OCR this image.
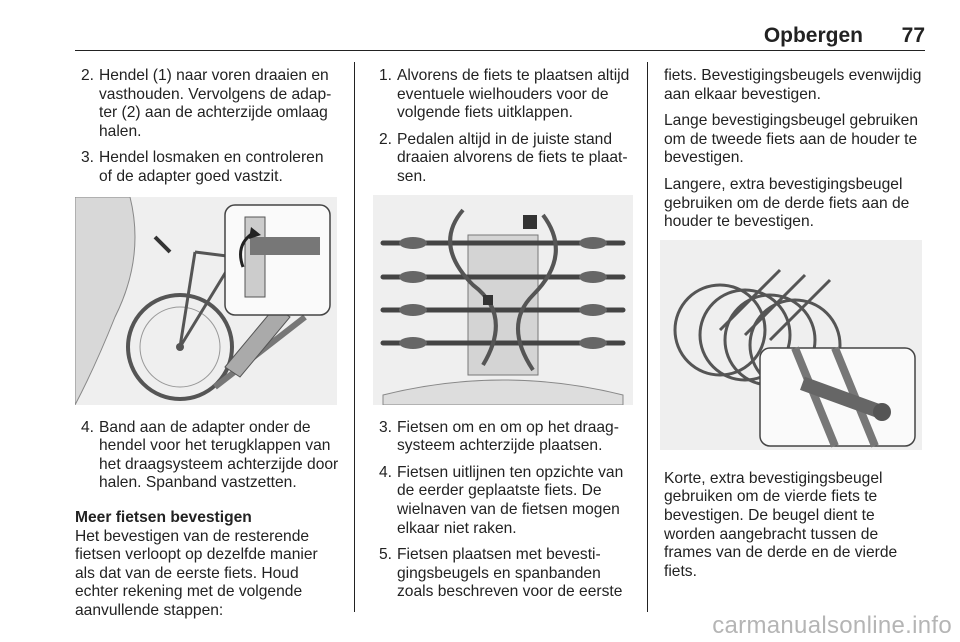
Opbergen 77
2. Hendel (1) naar voren draaien en vasthouden. Vervolgens de adapter (2) aan de achterzijde omlaag halen.
3. Hendel losmaken en controleren of de adapter goed vastzit.
4. Band aan de adapter onder de hendel voor het terugklappen van het draagsysteem achterzijde door halen. Spanband vastzetten.

Meer fietsen bevestigen

Het bevestigen van de resterende fietsen verloopt op dezelfde manier als dat van de eerste fiets. Houd echter rekening met de volgende aanvullende stappen:

1. Alvorens de fiets te plaatsen altijd eventuele wielhouders voor de volgende fiets uitklappen.
2. Pedalen altijd in de juiste stand draaien alvorens de fiets te plaatsen.
3. Fietsen om en om op het draagsysteem achterzijde plaatsen.
4. Fietsen uitlijnen ten opzichte van de eerder geplaatste fiets. De wielnaven van de fietsen mogen elkaar niet raken.
5. Fietsen plaatsen met bevestigingsbeugels en spanbanden zoals beschreven voor de eerste

fiets. Bevestigingsbeugels evenwijdig aan elkaar bevestigen.

Lange bevestigingsbeugel gebruiken om de tweede fiets aan de houder te bevestigen.

Langere, extra bevestigingsbeugel gebruiken om de derde fiets aan de houder te bevestigen.

Korte, extra bevestigingsbeugel gebruiken om de vierde fiets te bevestigen. De beugel dient te worden aangebracht tussen de frames van de derde en de vierde fiets.

carmanualsonline.info
